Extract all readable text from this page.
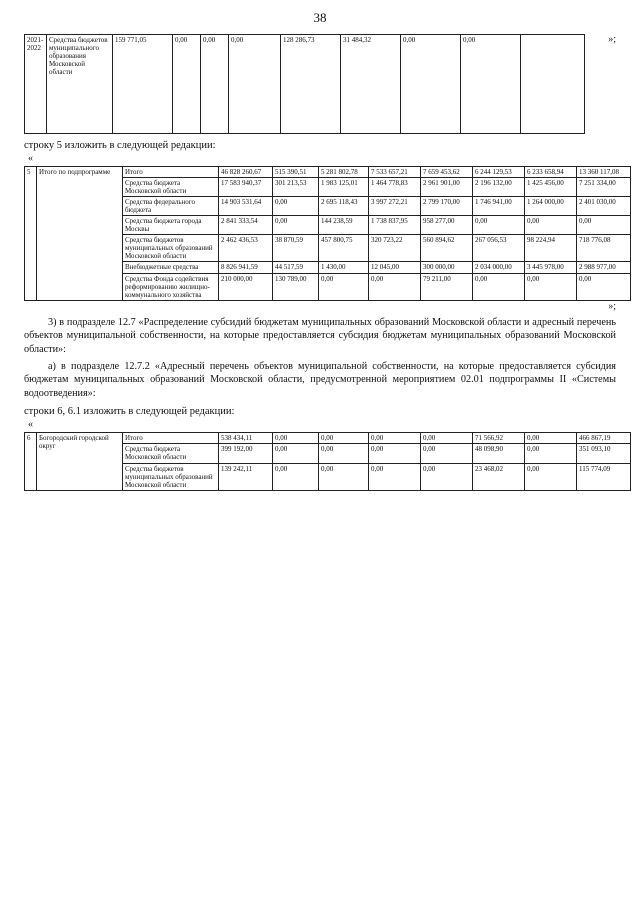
38
2021-2022	Средства бюджетов муниципального образования Московской области	159 771,05	0,00	0,00	0,00	128 286,73	31 484,32	0,00	0,00		»;
строку 5 изложить в следующей редакции:
«
5	Итого по подпрограмме	Итого	46 828 260,67	515 390,51	5 281 802,78	7 533 657,21	7 659 453,62	6 244 129,53	6 233 658,94	13 360 117,08
		Средства бюджета Московской области	17 583 940,37	301 213,53	1 983 125,01	1 464 778,83	2 961 901,00	2 196 132,00	1 425 456,00	7 251 334,00
		Средства федерального бюджета	14 903 531,64	0,00	2 695 118,43	3 997 272,21	2 799 170,00	1 746 941,00	1 264 000,00	2 401 030,00
		Средства бюджета города Москвы	2 841 333,54	0,00	144 238,59	1 738 837,95	958 277,00	0,00	0,00	0,00
		Средства бюджетов муниципальных образований Московской области	2 462 436,53	38 870,59	457 800,75	320 723,22	560 894,62	267 056,53	98 224,94	718 776,08
		Внебюджетные средства	8 826 941,59	44 517,59	1 430,00	12 045,00	300 000,00	2 034 000,00	3 445 978,00	2 988 977,00
		Средства Фонда содействия реформированию жилищно-коммунального хозяйства	210 000,00	130 789,00	0,00	0,00	79 211,00	0,00	0,00	0,00
»;

3) в подразделе 12.7 «Распределение субсидий бюджетам муниципальных образований Московской области и адресный перечень объектов муниципальной собственности, на которые предоставляется субсидия бюджетам муниципальных образований Московской области»:

а) в подразделе 12.7.2 «Адресный перечень объектов муниципальной собственности, на которые предоставляется субсидия бюджетам муниципальных образований Московской области, предусмотренной мероприятием 02.01 подпрограммы II «Системы водоотведения»:

строки 6, 6.1 изложить в следующей редакции:
«
6	Богородский городской округ	Итого	538 434,11	0,00	0,00	0,00	0,00	71 566,92	0,00	466 867,19
		Средства бюджета Московской области	399 192,00	0,00	0,00	0,00	0,00	48 098,90	0,00	351 093,10
		Средства бюджетов муниципальных образований Московской области	139 242,11	0,00	0,00	0,00	0,00	23 468,02	0,00	115 774,09
